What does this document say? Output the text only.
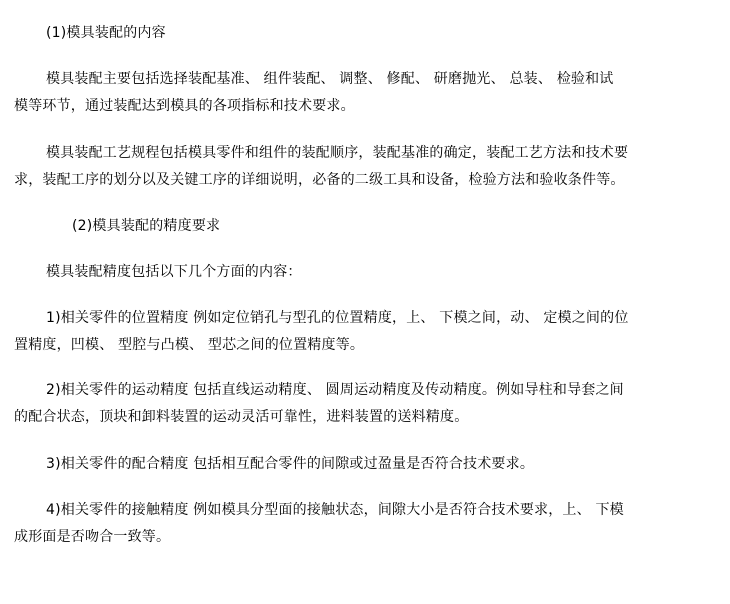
(1)模具装配的内容
模具装配主要包括选择装配基准、 组件装配、 调整、 修配、 研磨抛光、 总装、 检验和试
模等环节，通过装配达到模具的各项指标和技术要求。
模具装配工艺规程包括模具零件和组件的装配顺序，装配基准的确定，装配工艺方法和技术要
求，装配工序的划分以及关键工序的详细说明，必备的二级工具和设备，检验方法和验收条件等。
(2)模具装配的精度要求
模具装配精度包括以下几个方面的内容：
1)相关零件的位置精度 例如定位销孔与型孔的位置精度，上、 下模之间，动、 定模之间的位
置精度，凹模、 型腔与凸模、 型芯之间的位置精度等。
2)相关零件的运动精度 包括直线运动精度、 圆周运动精度及传动精度。例如导柱和导套之间
的配合状态，顶块和卸料装置的运动灵活可靠性，进料装置的送料精度。
3)相关零件的配合精度 包括相互配合零件的间隙或过盈量是否符合技术要求。
4)相关零件的接触精度 例如模具分型面的接触状态，间隙大小是否符合技术要求，上、 下模
成形面是否吻合一致等。
